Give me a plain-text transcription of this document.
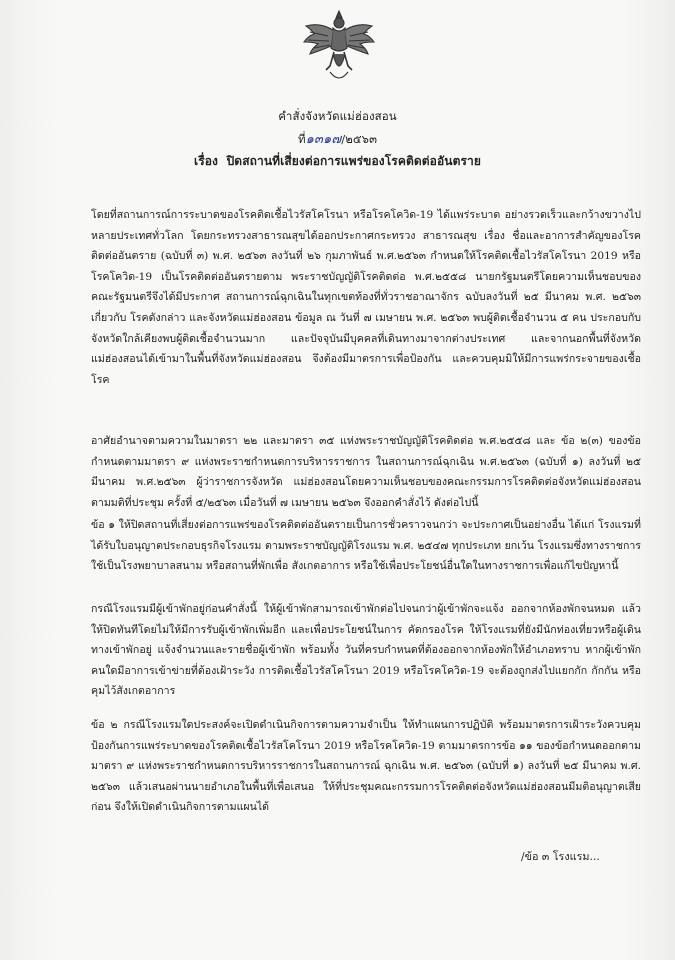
คำสั่งจังหวัดแม่ฮ่องสอน
ที่๑๓๑๗/๒๕๖๓
เรื่อง ปิดสถานที่เสี่ยงต่อการแพร่ของโรคติดต่ออันตราย
โดยที่สถานการณ์การระบาดของโรคติดเชื้อไวรัสโคโรนา หรือโรคโควิด-19 ได้แพร่ระบาด อย่างรวดเร็วและกว้างขวางไปหลายประเทศทั่วโลก โดยกระทรวงสาธารณสุขได้ออกประกาศกระทรวง สาธารณสุข เรื่อง ชื่อและอาการสำคัญของโรคติดต่ออันตราย (ฉบับที่ ๓) พ.ศ. ๒๕๖๓ ลงวันที่ ๒๖ กุมภาพันธ์ พ.ศ.๒๕๖๓ กำหนดให้โรคติดเชื้อไวรัสโคโรนา 2019 หรือโรคโควิด-19 เป็นโรคติดต่ออันตรายตาม พระราชบัญญัติโรคติดต่อ พ.ศ.๒๕๕๘ นายกรัฐมนตรีโดยความเห็นชอบของคณะรัฐมนตรีจึงได้มีประกาศ สถานการณ์ฉุกเฉินในทุกเขตท้องที่ทั่วราชอาณาจักร ฉบับลงวันที่ ๒๕ มีนาคม พ.ศ. ๒๕๖๓ เกี่ยวกับ โรคดังกล่าว และจังหวัดแม่ฮ่องสอน ข้อมูล ณ วันที่ ๗ เมษายน พ.ศ. ๒๕๖๓ พบผู้ติดเชื้อจำนวน ๕ คน ประกอบกับจังหวัดใกล้เคียงพบผู้ติดเชื้อจำนวนมาก และปัจจุบันมีบุคคลที่เดินทางมาจากต่างประเทศ และจากนอกพื้นที่จังหวัดแม่ฮ่องสอนได้เข้ามาในพื้นที่จังหวัดแม่ฮ่องสอน จึงต้องมีมาตรการเพื่อป้องกัน และควบคุมมิให้มีการแพร่กระจายของเชื้อโรค
อาศัยอำนาจตามความในมาตรา ๒๒ และมาตรา ๓๕ แห่งพระราชบัญญัติโรคติดต่อ พ.ศ.๒๕๕๘ และ ข้อ ๒(๓) ของข้อกำหนดตามมาตรา ๙ แห่งพระราชกำหนดการบริหารราชการ ในสถานการณ์ฉุกเฉิน พ.ศ.๒๕๖๓ (ฉบับที่ ๑) ลงวันที่ ๒๕ มีนาคม พ.ศ.๒๕๖๓ ผู้ว่าราชการจังหวัด แม่ฮ่องสอนโดยความเห็นชอบของคณะกรรมการโรคติดต่อจังหวัดแม่ฮ่องสอน ตามมติที่ประชุม ครั้งที่ ๕/๒๕๖๓ เมื่อวันที่ ๗ เมษายน ๒๕๖๓ จึงออกคำสั่งไว้ ดังต่อไปนี้
ข้อ ๑ ให้ปิดสถานที่เสี่ยงต่อการแพร่ของโรคติดต่ออันตรายเป็นการชั่วคราวจนกว่า จะประกาศเป็นอย่างอื่น ได้แก่ โรงแรมที่ได้รับใบอนุญาตประกอบธุรกิจโรงแรม ตามพระราชบัญญัติโรงแรม พ.ศ. ๒๕๔๗ ทุกประเภท ยกเว้น โรงแรมซึ่งทางราชการใช้เป็นโรงพยาบาลสนาม หรือสถานที่พักเพื่อ สังเกตอาการ หรือใช้เพื่อประโยชน์อื่นใดในทางราชการเพื่อแก้ไขปัญหานี้
กรณีโรงแรมมีผู้เข้าพักอยู่ก่อนคำสั่งนี้ ให้ผู้เข้าพักสามารถเข้าพักต่อไปจนกว่าผู้เข้าพักจะแจ้ง ออกจากห้องพักจนหมด แล้วให้ปิดทันทีโดยไม่ให้มีการรับผู้เข้าพักเพิ่มอีก และเพื่อประโยชน์ในการ คัดกรองโรค ให้โรงแรมที่ยังมีนักท่องเที่ยวหรือผู้เดินทางเข้าพักอยู่ แจ้งจำนวนและรายชื่อผู้เข้าพัก พร้อมทั้ง วันที่ครบกำหนดที่ต้องออกจากห้องพักให้อำเภอทราบ หากผู้เข้าพักคนใดมีอาการเข้าข่ายที่ต้องเฝ้าระวัง การติดเชื้อไวรัสโคโรนา 2019 หรือโรคโควิด-19 จะต้องถูกส่งไปแยกกัก กักกัน หรือคุมไว้สังเกตอาการ
ข้อ ๒ กรณีโรงแรมใดประสงค์จะเปิดดำเนินกิจการตามความจำเป็น ให้ทำแผนการปฏิบัติ พร้อมมาตรการเฝ้าระวังควบคุมป้องกันการแพร่ระบาดของโรคติดเชื้อไวรัสโคโรนา 2019 หรือโรคโควิด-19 ตามมาตรการข้อ ๑๑ ของข้อกำหนดออกตามมาตรา ๙ แห่งพระราชกำหนดการบริหารราชการในสถานการณ์ ฉุกเฉิน พ.ศ. ๒๕๖๓ (ฉบับที่ ๑) ลงวันที่ ๒๕ มีนาคม พ.ศ. ๒๕๖๓ แล้วเสนอผ่านนายอำเภอในพื้นที่เพื่อเสนอ ให้ที่ประชุมคณะกรรมการโรคติดต่อจังหวัดแม่ฮ่องสอนมีมติอนุญาตเสียก่อน จึงให้เปิดดำเนินกิจการตามแผนได้
/ข้อ ๓ โรงแรม...
